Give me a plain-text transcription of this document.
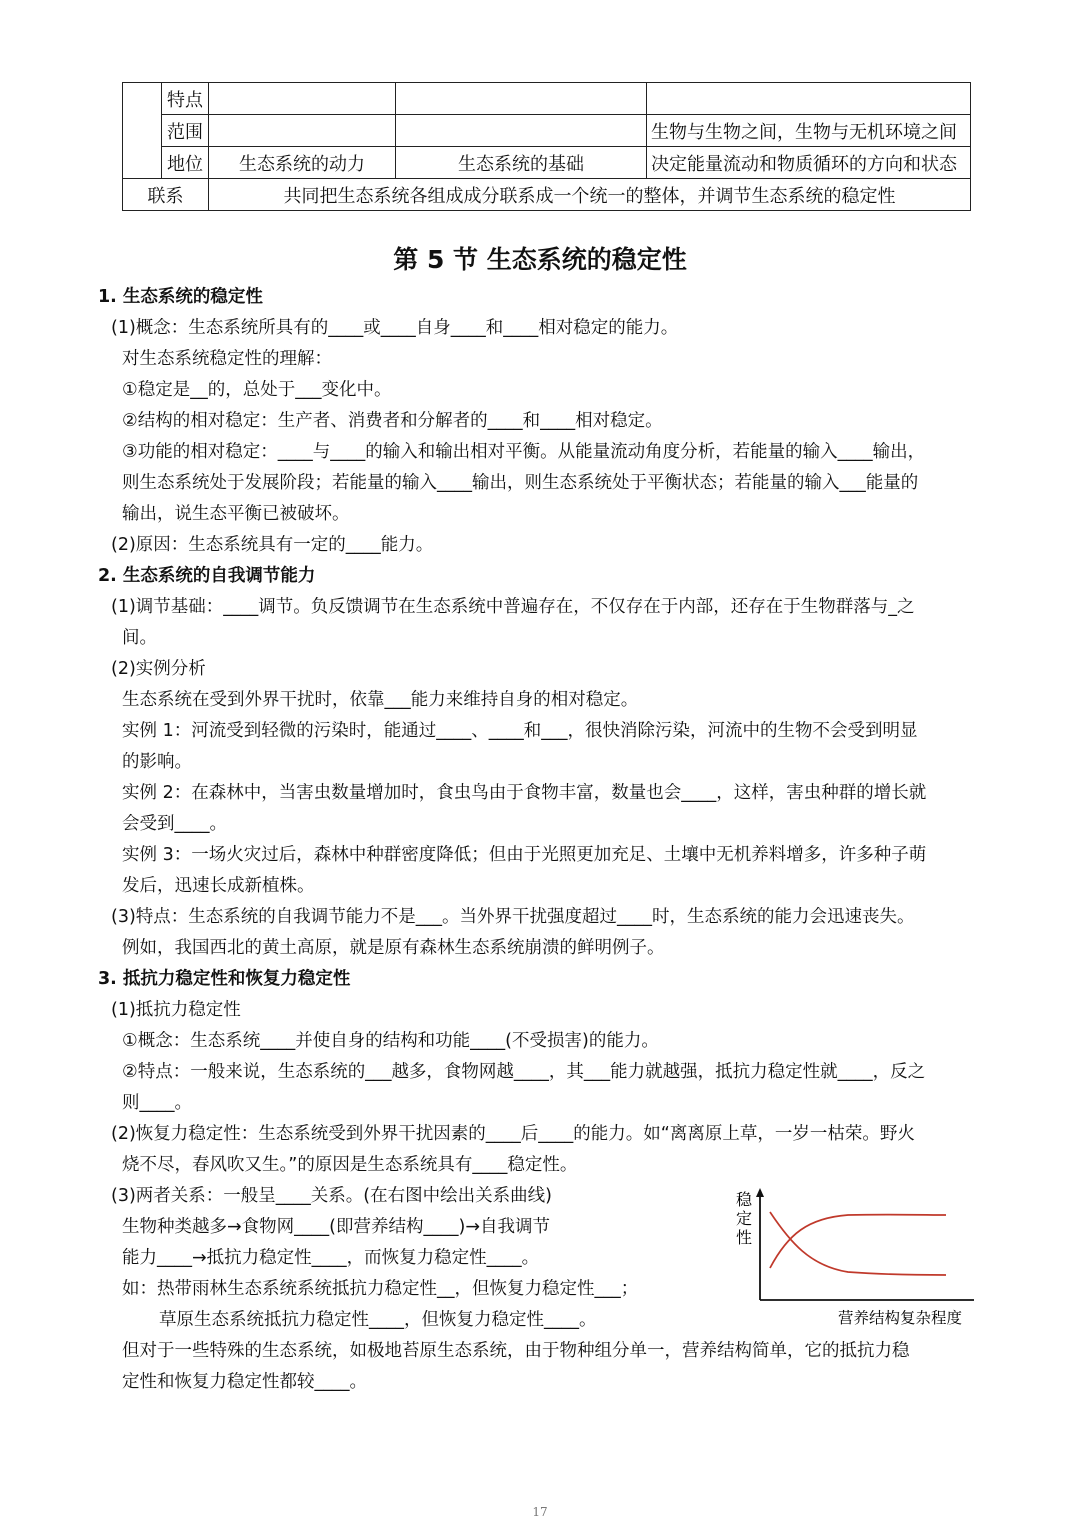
	特点			
	范围			生物与生物之间，生物与无机环境之间
	地位	生态系统的动力	生态系统的基础	决定能量流动和物质循环的方向和状态
联系		共同把生态系统各组成成分联系成一个统一的整体，并调节生态系统的稳定性		
第 5 节 生态系统的稳定性

1. 生态系统的稳定性

(1)概念：生态系统所具有的____或____自身____和____相对稳定的能力。

对生态系统稳定性的理解：

①稳定是__的，总处于___变化中。

②结构的相对稳定：生产者、消费者和分解者的____和____相对稳定。

③功能的相对稳定：____与____的输入和输出相对平衡。从能量流动角度分析，若能量的输入____输出，

则生态系统处于发展阶段；若能量的输入____输出，则生态系统处于平衡状态；若能量的输入___能量的

输出，说生态平衡已被破坏。

(2)原因：生态系统具有一定的____能力。

2. 生态系统的自我调节能力

(1)调节基础：____调节。负反馈调节在生态系统中普遍存在，不仅存在于内部，还存在于生物群落与_之

间。

(2)实例分析

生态系统在受到外界干扰时，依靠___能力来维持自身的相对稳定。

实例 1：河流受到轻微的污染时，能通过____、____和___，很快消除污染，河流中的生物不会受到明显

的影响。

实例 2：在森林中，当害虫数量增加时，食虫鸟由于食物丰富，数量也会____，这样，害虫种群的增长就

会受到____。

实例 3：一场火灾过后，森林中种群密度降低；但由于光照更加充足、土壤中无机养料增多，许多种子萌

发后，迅速长成新植株。

(3)特点：生态系统的自我调节能力不是___。当外界干扰强度超过____时，生态系统的能力会迅速丧失。

例如，我国西北的黄土高原，就是原有森林生态系统崩溃的鲜明例子。

3. 抵抗力稳定性和恢复力稳定性

(1)抵抗力稳定性

①概念：生态系统____并使自身的结构和功能____(不受损害)的能力。

②特点：一般来说，生态系统的___越多，食物网越____，其___能力就越强，抵抗力稳定性就____，反之

则____。

(2)恢复力稳定性：生态系统受到外界干扰因素的____后____的能力。如“离离原上草，一岁一枯荣。野火

烧不尽，春风吹又生。”的原因是生态系统具有____稳定性。

(3)两者关系：一般呈____关系。(在右图中绘出关系曲线)

生物种类越多→食物网____(即营养结构____)→自我调节

能力____→抵抗力稳定性____，而恢复力稳定性____。

如：热带雨林生态系统系统抵抗力稳定性__，但恢复力稳定性___；

草原生态系统抵抗力稳定性____，但恢复力稳定性____。

但对于一些特殊的生态系统，如极地苔原生态系统，由于物种组分单一，营养结构简单，它的抵抗力稳

定性和恢复力稳定性都较____。

稳
定
性
营养结构复杂程度
17
